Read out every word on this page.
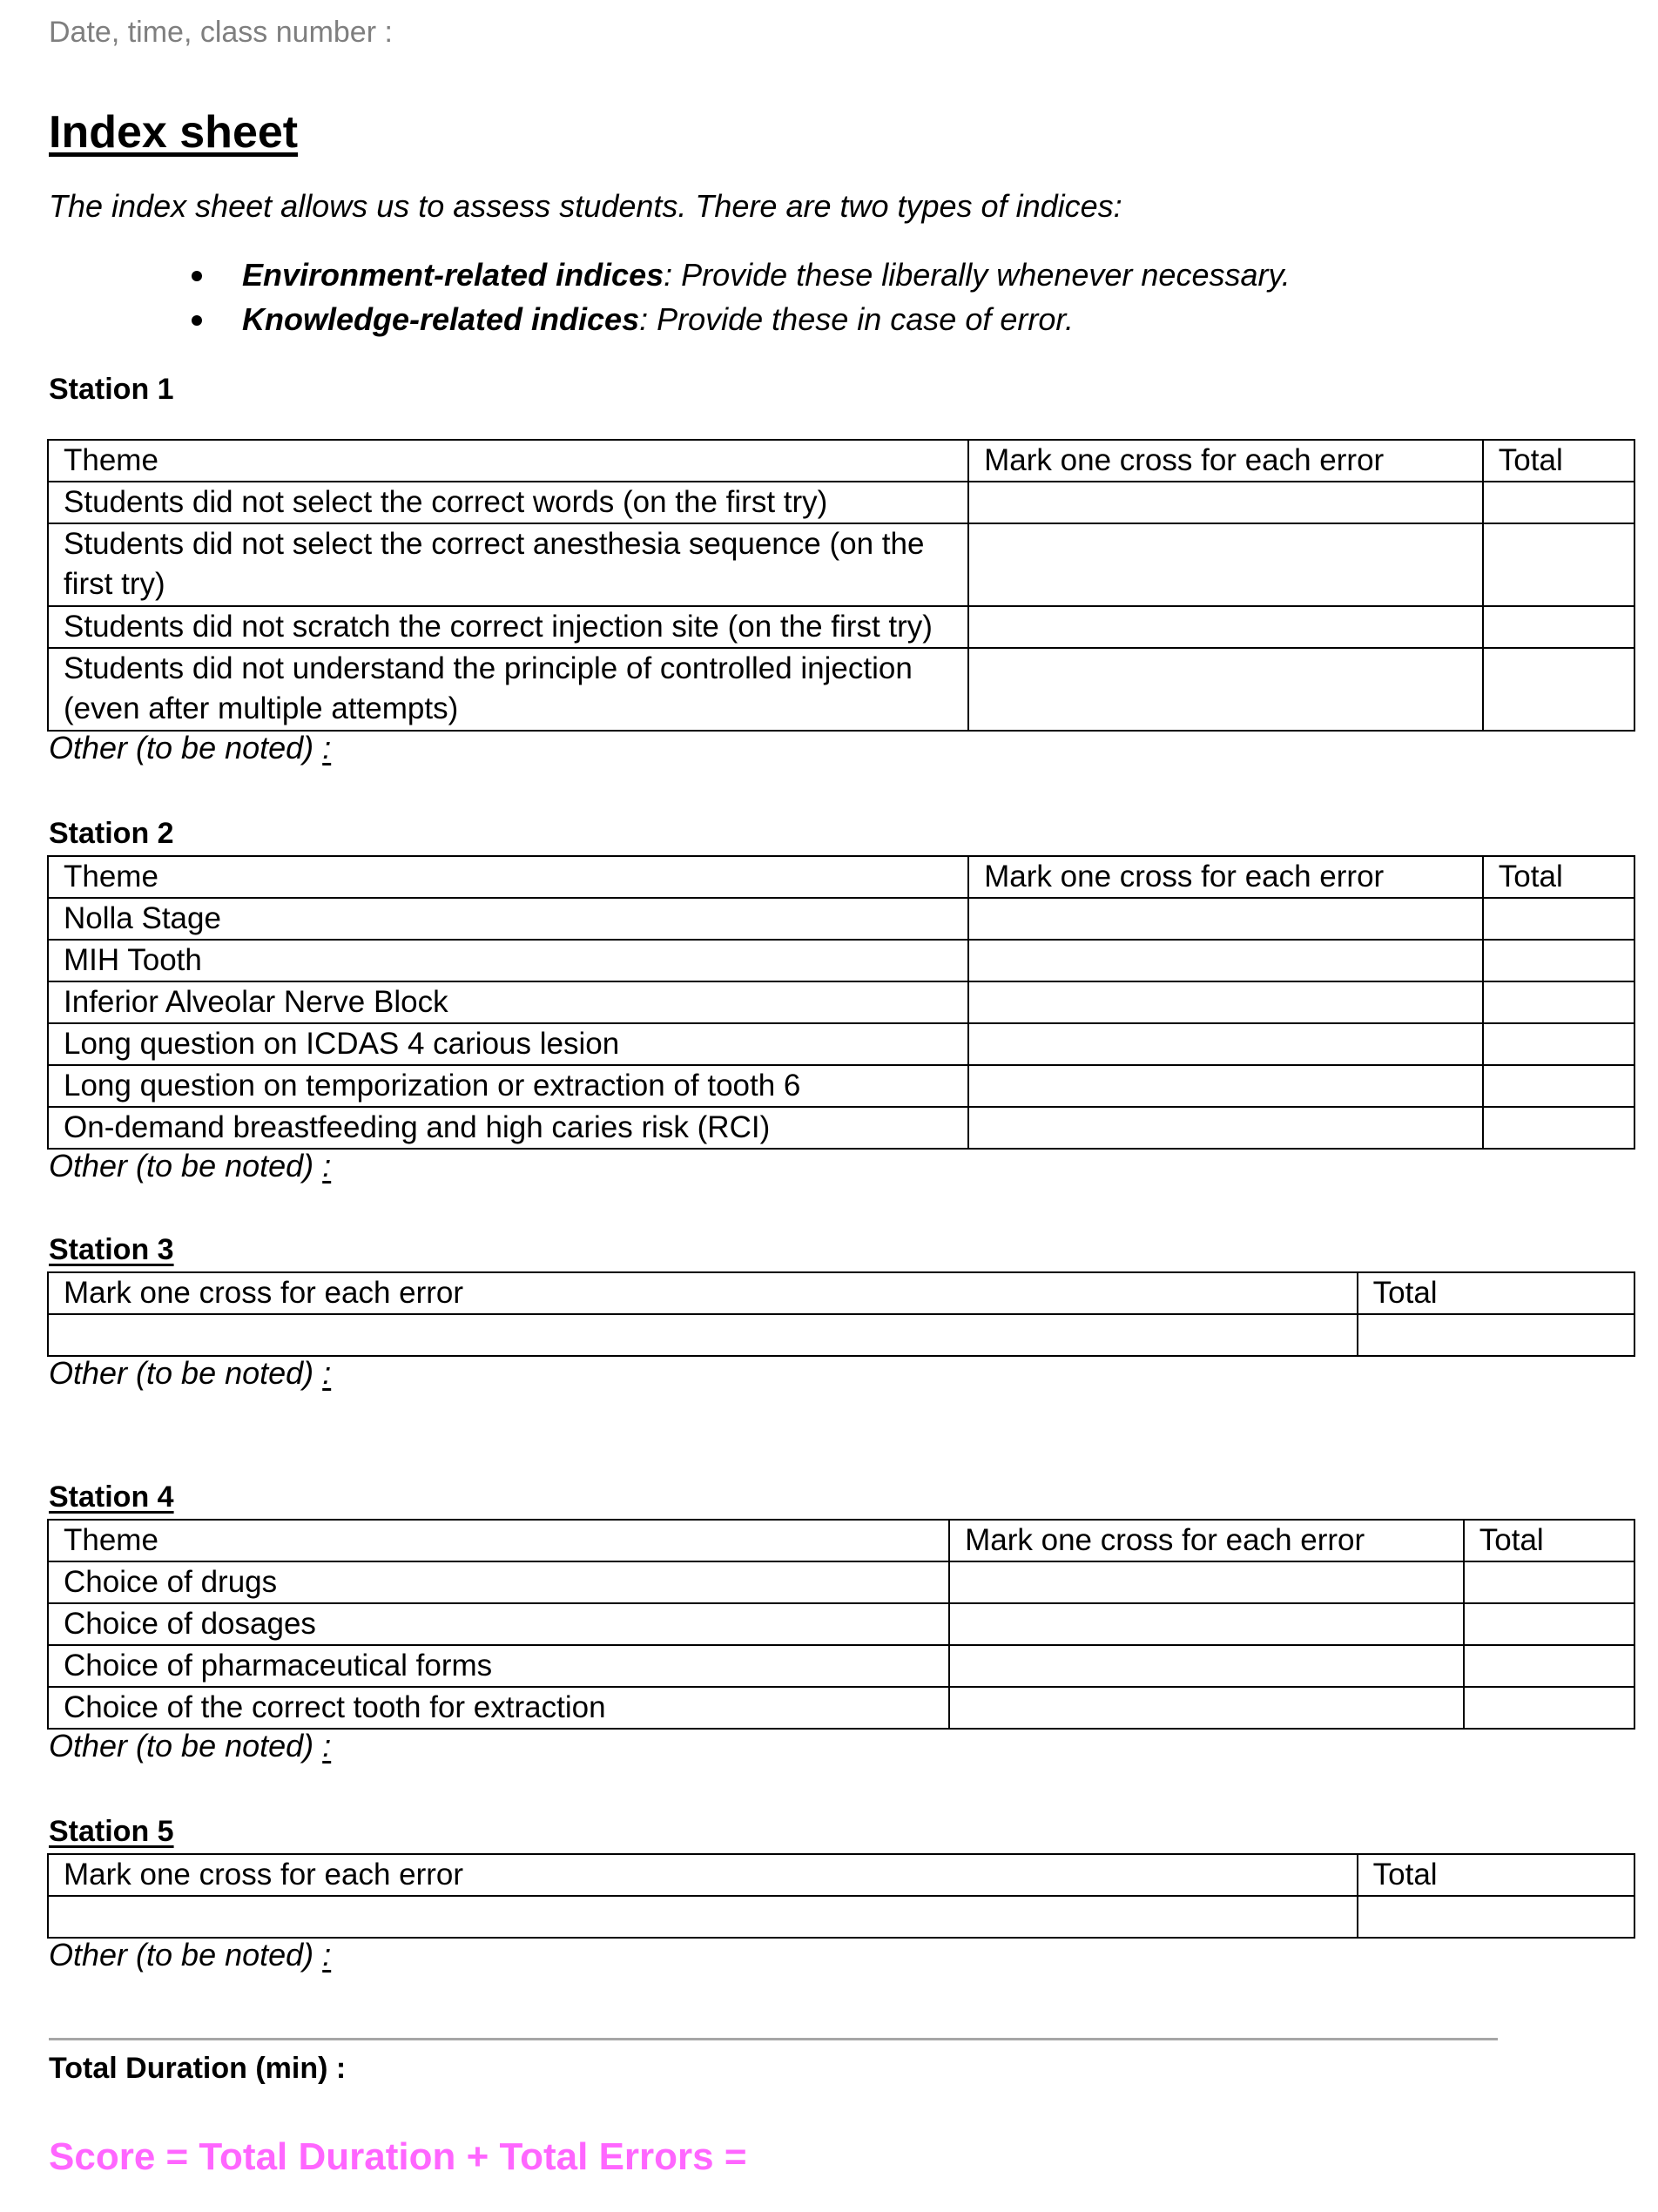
Date, time, class number :
Index sheet
The index sheet allows us to assess students. There are two types of indices:
Environment-related indices: Provide these liberally whenever necessary.
Knowledge-related indices: Provide these in case of error.
Station 1
Theme	Mark one cross for each error	Total
Students did not select the correct words (on the first try)		
Students did not select the correct anesthesia sequence (on the first try)		
Students did not scratch the correct injection site (on the first try)		
Students did not understand the principle of controlled injection (even after multiple attempts)		
Other (to be noted) :
Station 2
Theme	Mark one cross for each error	Total
Nolla Stage		
MIH Tooth		
Inferior Alveolar Nerve Block		
Long question on ICDAS 4 carious lesion		
Long question on temporization or extraction of tooth 6		
On-demand breastfeeding and high caries risk (RCI)		
Other (to be noted) :
Station 3
Mark one cross for each error	Total

Other (to be noted) :
Station 4
Theme	Mark one cross for each error	Total
Choice of drugs		
Choice of dosages		
Choice of pharmaceutical forms		
Choice of the correct tooth for extraction		
Other (to be noted) :
Station 5
Mark one cross for each error	Total

Other (to be noted) :
Total Duration (min) :
Score = Total Duration + Total Errors =
